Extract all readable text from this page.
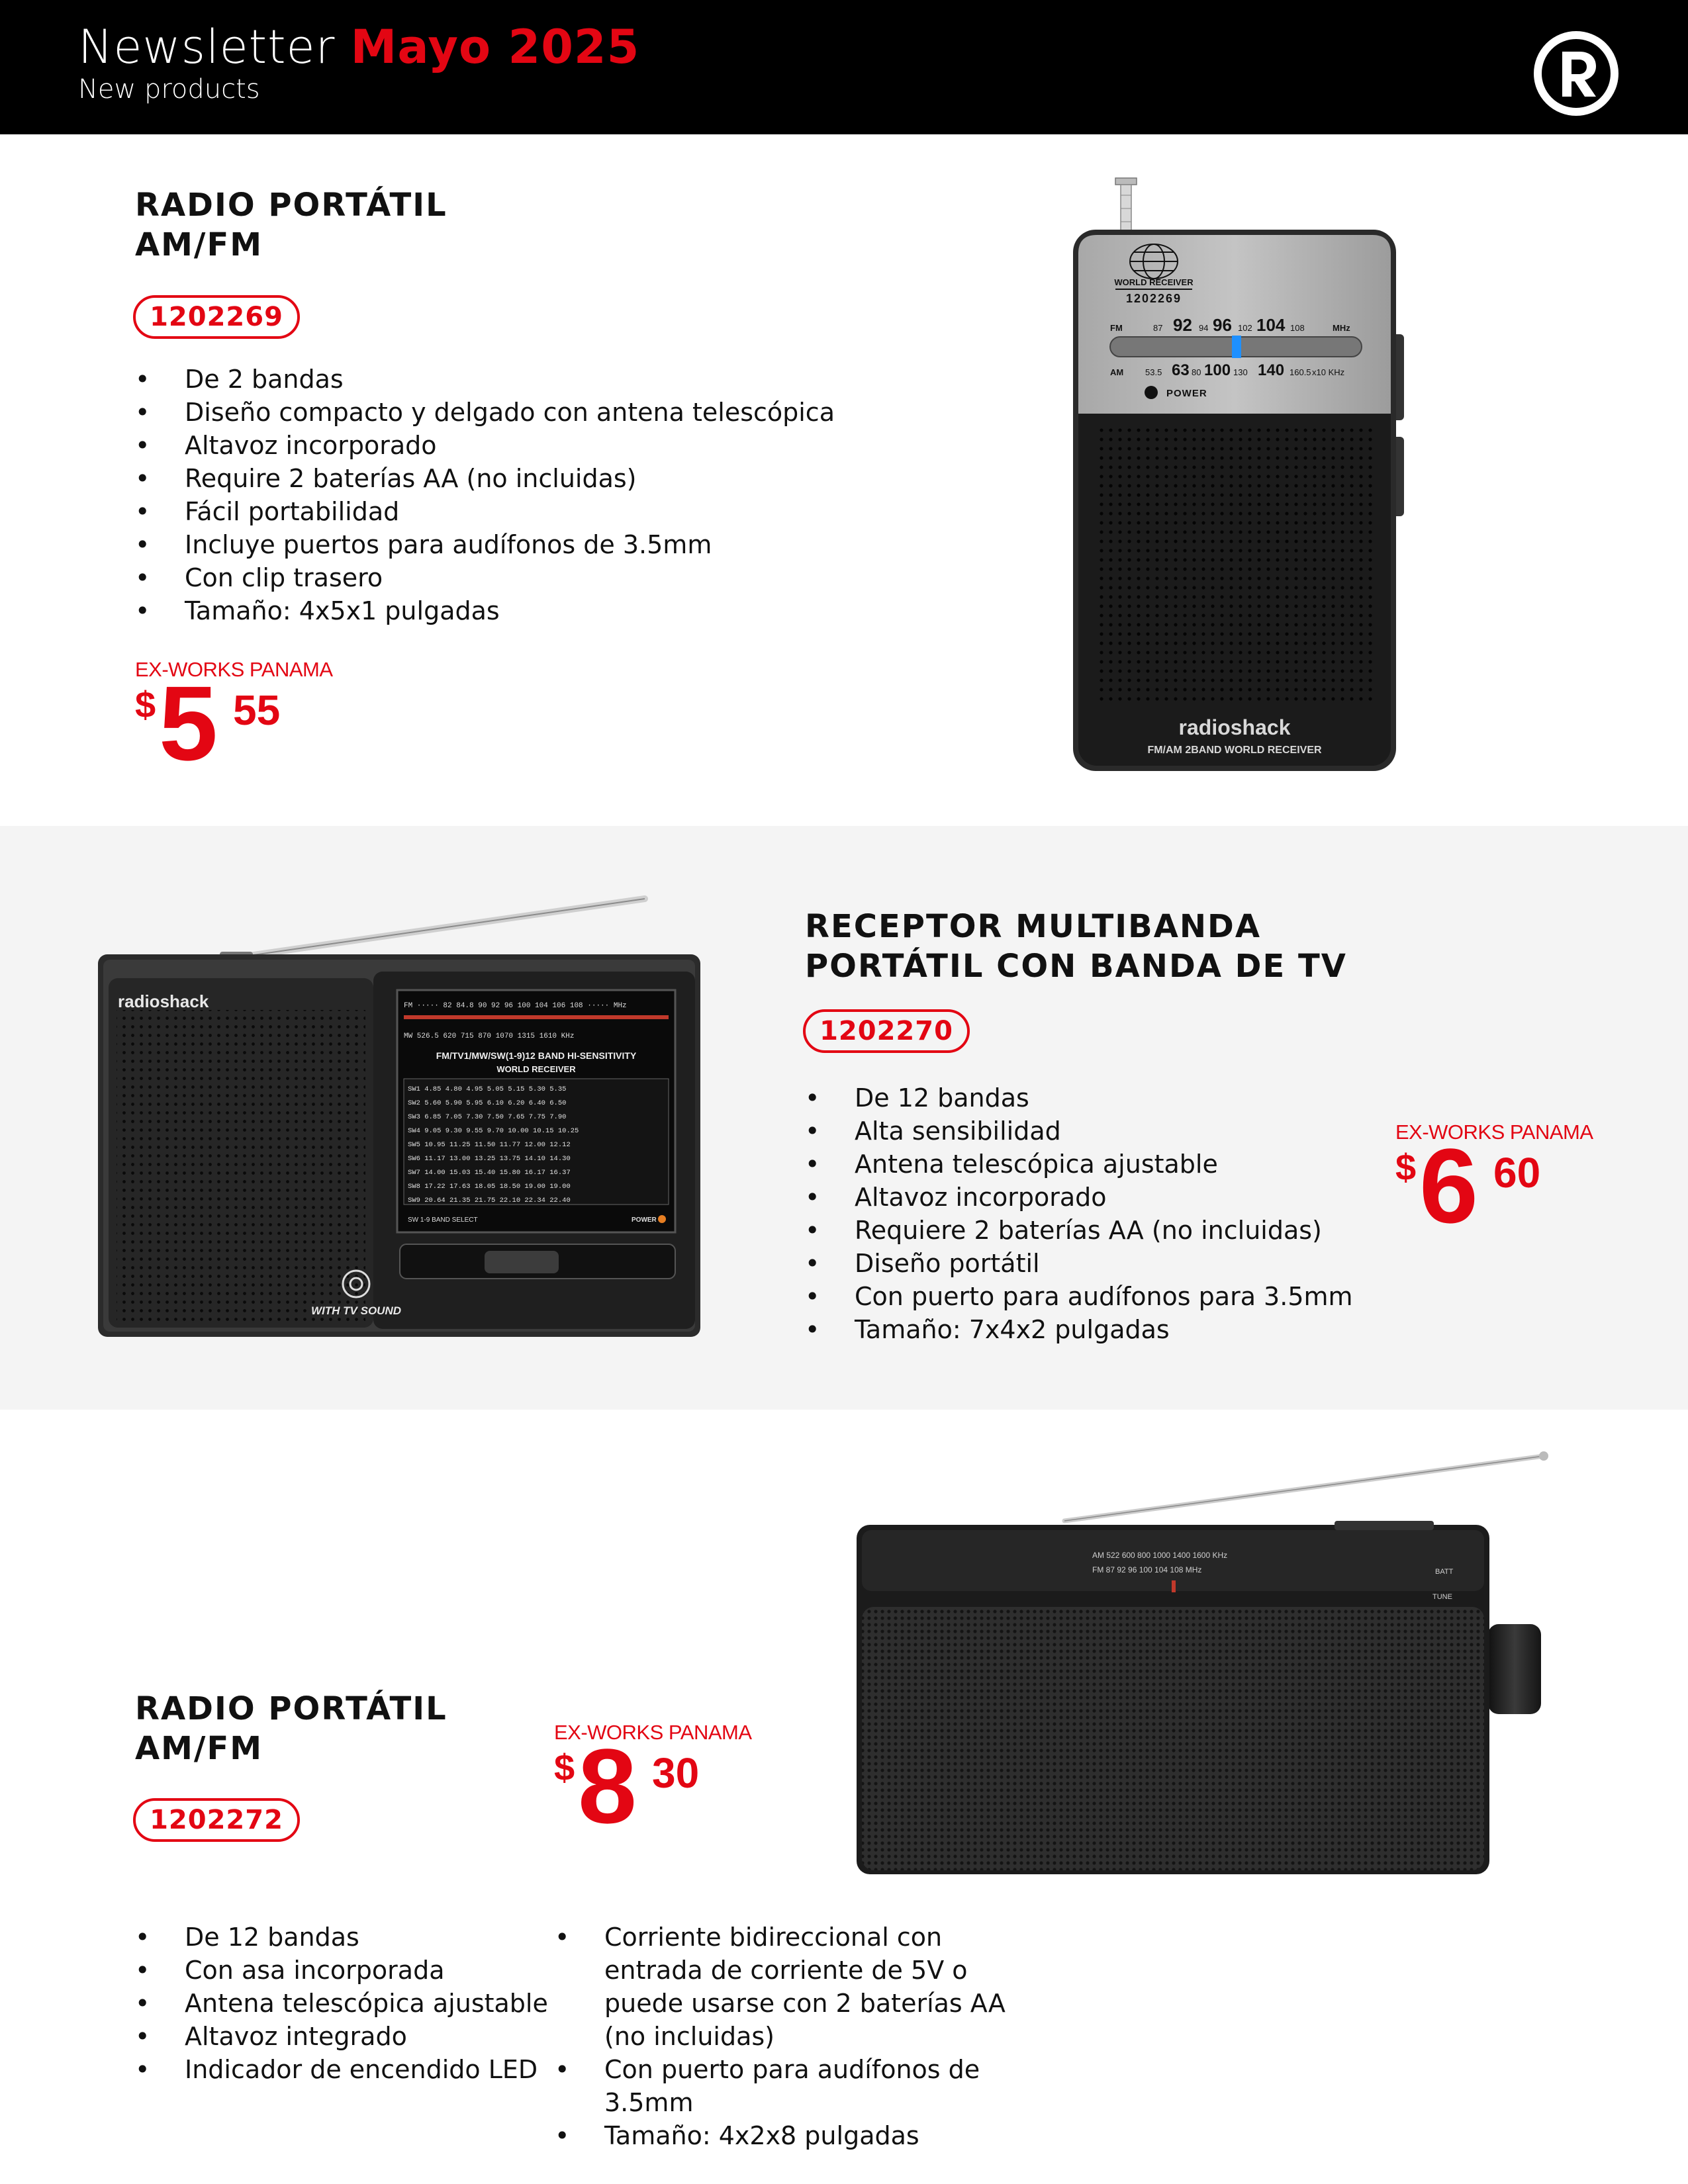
Newsletter Mayo 2025
New products
RADIO PORTÁTIL
AM/FM
1202269
• De 2 bandas
• Diseño compacto y delgado con antena telescópica
• Altavoz incorporado
• Require 2 baterías AA (no incluidas)
• Fácil portabilidad
• Incluye puertos para audífonos de 3.5mm
• Con clip trasero
• Tamaño: 4x5x1 pulgadas
EX-WORKS PANAMA
$ 5 55
WORLD RECEIVER
1202269
FM	87 92 94 96 102 104 108	MHz
AM	53.5 63 80 100 130 140 160.5 x10 KHz
POWER
radioshack
FM/AM 2BAND WORLD RECEIVER
radioshack	FM ····· 82 84.8 90 92 96 100 104 106 108 ····· MHz
MW 526.5 620 715 870 1070 1315 1610 KHz
FM/TV1/MW/SW(1-9)12 BAND HI-SENSITIVITY
WORLD RECEIVER
SW1 4.85 4.80 4.95 5.05 5.15 5.30 5.35
SW2 5.60 5.90 5.95 6.10 6.20 6.40 6.50
SW3 6.85 7.05 7.30 7.50 7.65 7.75 7.90
SW4 9.05 9.30 9.55 9.70 10.00 10.15 10.25
SW5 10.95 11.25 11.50 11.77 12.00 12.12
SW6 11.17 13.00 13.25 13.75 14.10 14.30
SW7 14.00 15.03 15.40 15.80 16.17 16.37
SW8 17.22 17.63 18.05 18.50 19.00 19.00
SW9 20.64 21.35 21.75 22.10 22.34 22.40
SW 1-9 BAND SELECT	POWER
WITH TV SOUND
RECEPTOR MULTIBANDA
PORTÁTIL CON BANDA DE TV
1202270
• De 12 bandas
• Alta sensibilidad
• Antena telescópica ajustable
• Altavoz incorporado
• Requiere 2 baterías AA (no incluidas)
• Diseño portátil
• Con puerto para audífonos para 3.5mm
• Tamaño: 7x4x2 pulgadas
EX-WORKS PANAMA
$ 6 60
AM 522 600 800 1000 1400 1600 KHz
FM 87 92 96 100 104 108 MHz	BATT
TUNE
RADIO PORTÁTIL
AM/FM
1202272
EX-WORKS PANAMA
$ 8 30
• De 12 bandas
• Con asa incorporada
• Antena telescópica ajustable
• Altavoz integrado
• Indicador de encendido LED
• Corriente bidireccional con entrada de corriente de 5V o puede usarse con 2 baterías AA (no incluidas)
• Con puerto para audífonos de 3.5mm
• Tamaño: 4x2x8 pulgadas
